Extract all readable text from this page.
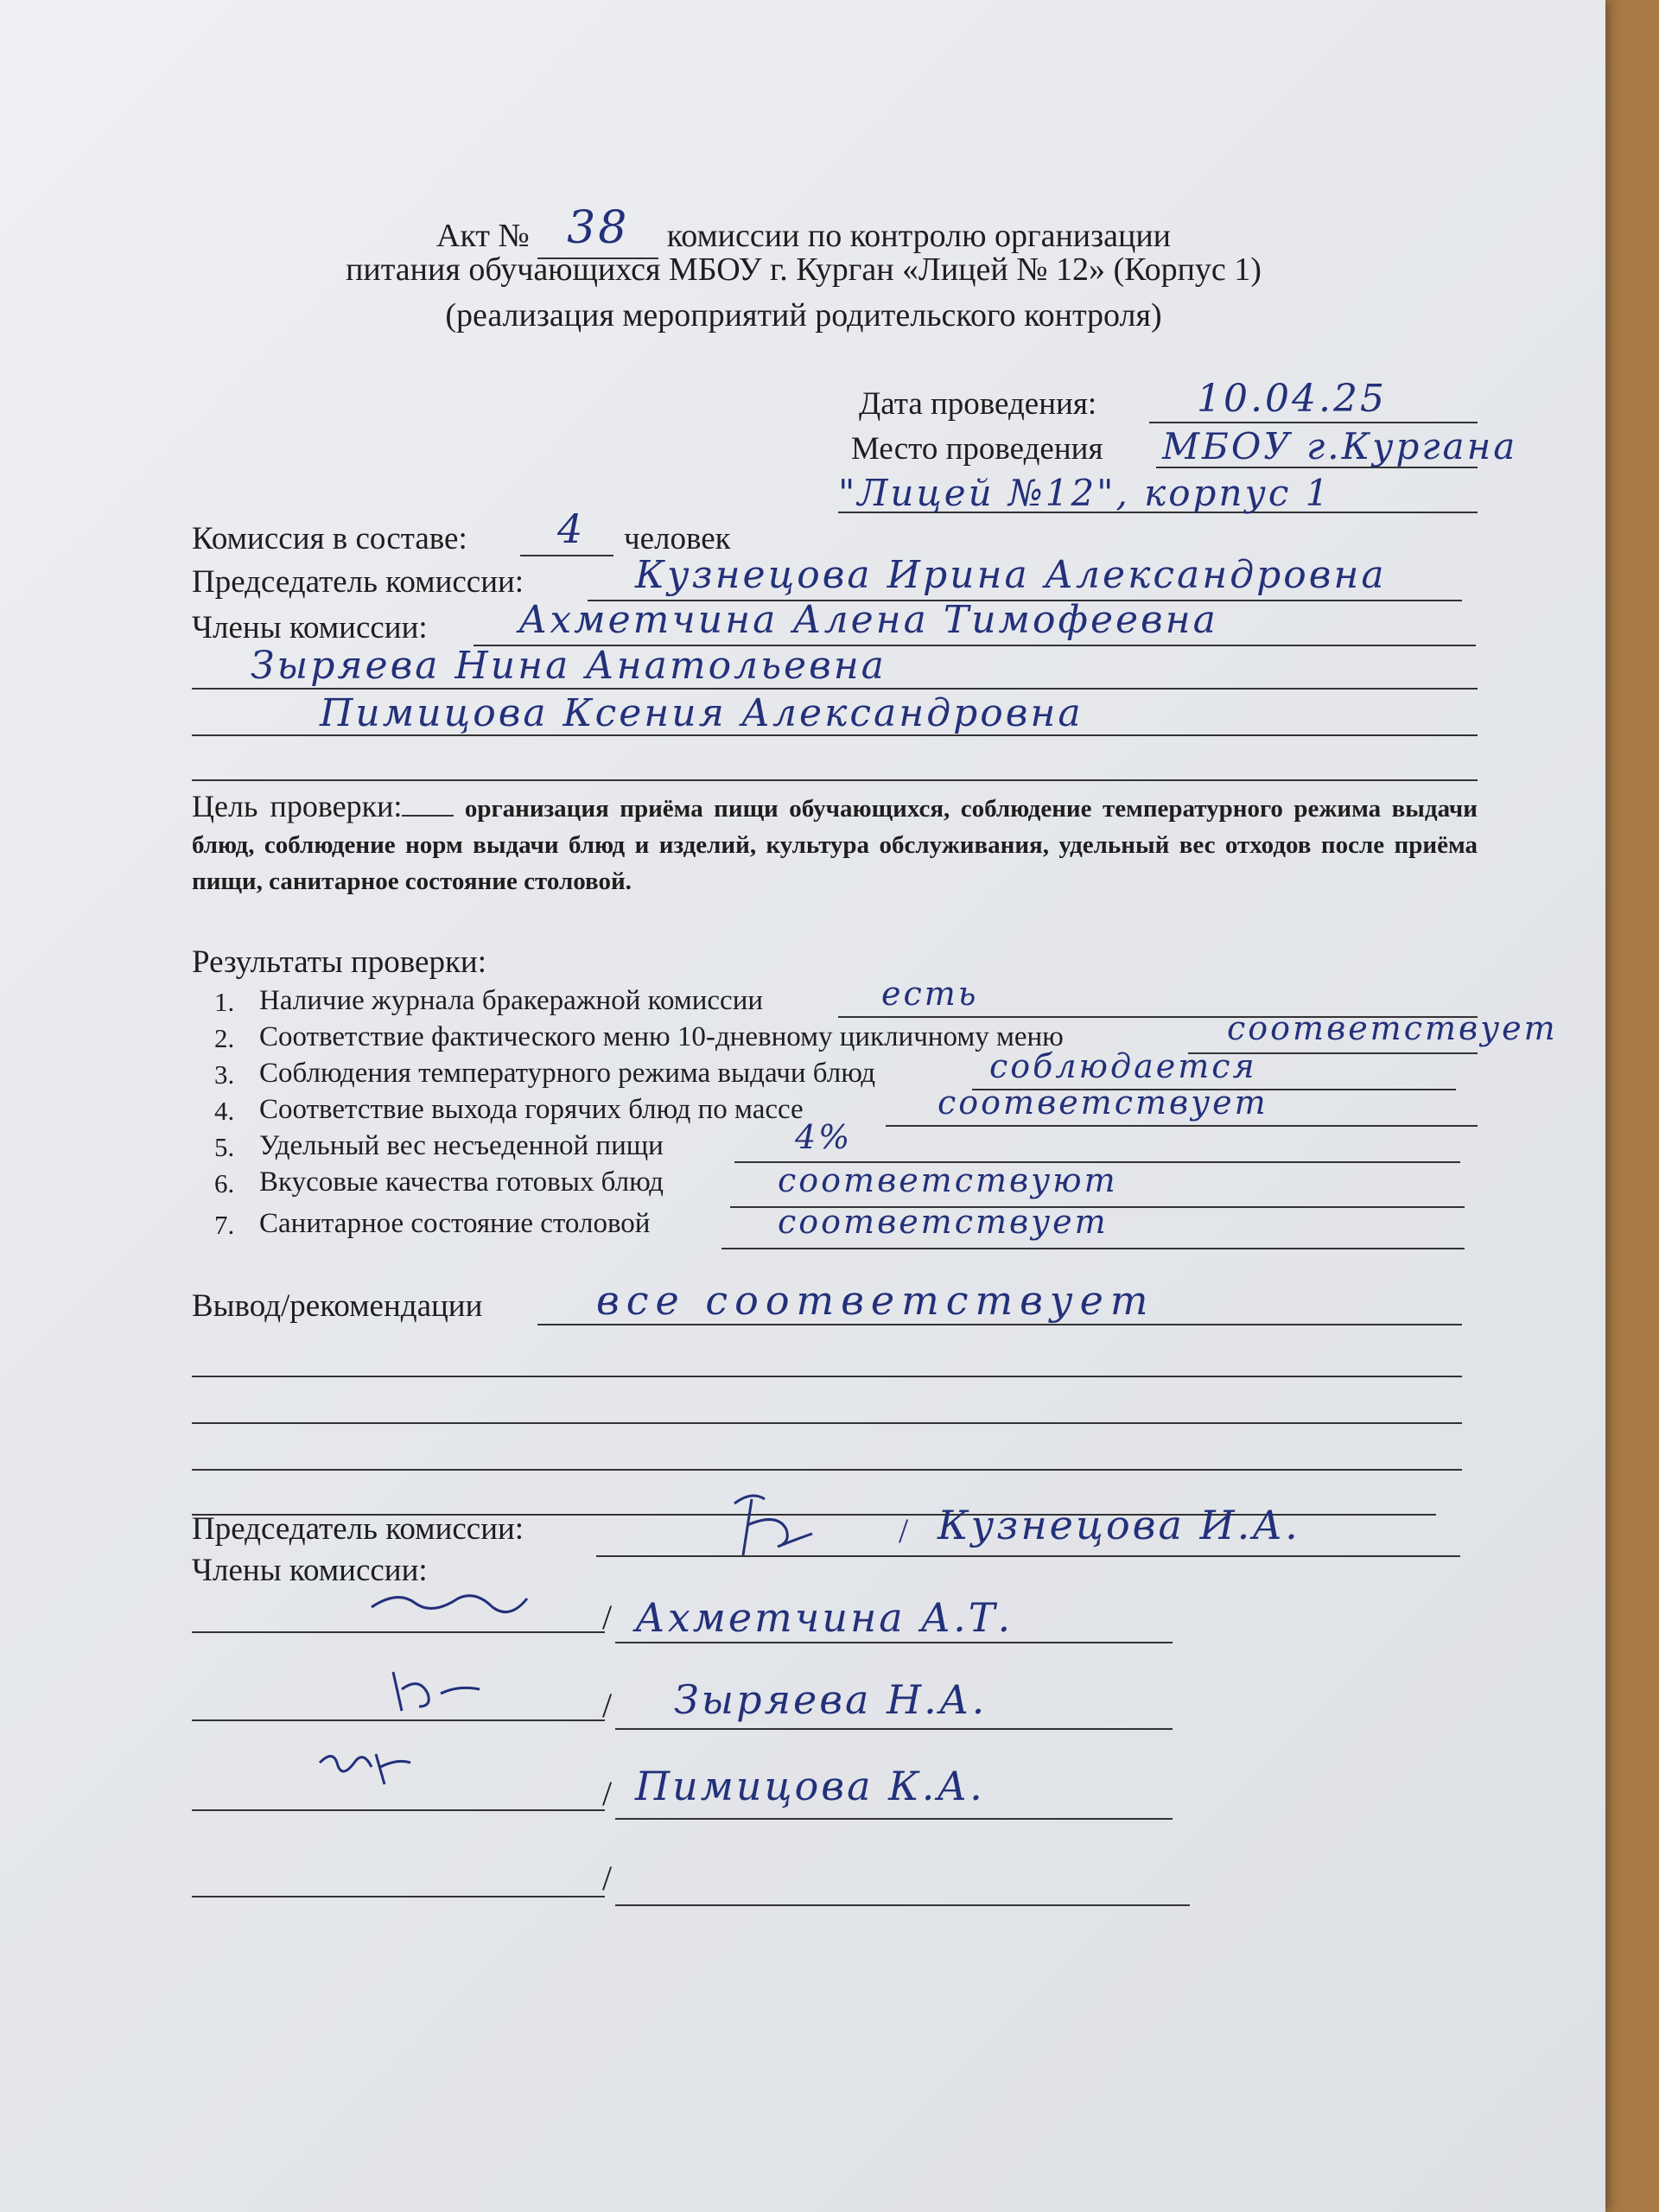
Акт № 38 комиссии по контролю организации
питания обучающихся МБОУ г. Курган «Лицей № 12» (Корпус 1)
(реализация мероприятий родительского контроля)
Дата проведения:	10.04.25
Место проведения МБОУ г.Кургана
"Лицей №12", корпус 1
Комиссия в составе: 4 человек
Председатель комиссии:	Кузнецова Ирина Александровна
Члены комиссии: Ахметчина Алена Тимофеевна
Зыряева Нина Анатольевна
Пимицова Ксения Александровна
Цель проверки: организация приёма пищи обучающихся, соблюдение температурного режима выдачи блюд, соблюдение норм выдачи блюд и изделий, культура обслуживания, удельный вес отходов после приёма пищи, санитарное состояние столовой.
Результаты проверки:
1. Наличие журнала бракеражной комиссии	есть
2. Соответствие фактического меню 10-дневному цикличному меню	соответствует
3. Соблюдения температурного режима выдачи блюд	соблюдается
4. Соответствие выхода горячих блюд по массе	соответствует
5. Удельный вес несъеденной пищи	4%
6. Вкусовые качества готовых блюд	соответствуют
7. Санитарное состояние столовой	соответствует
Вывод/рекомендации	все соответствует
Председатель комиссии:	/ Кузнецова И.А.
Члены комиссии:
/ Ахметчина А.Т.
/ Зыряева Н.А.
/ Пимицова К.А.
/
